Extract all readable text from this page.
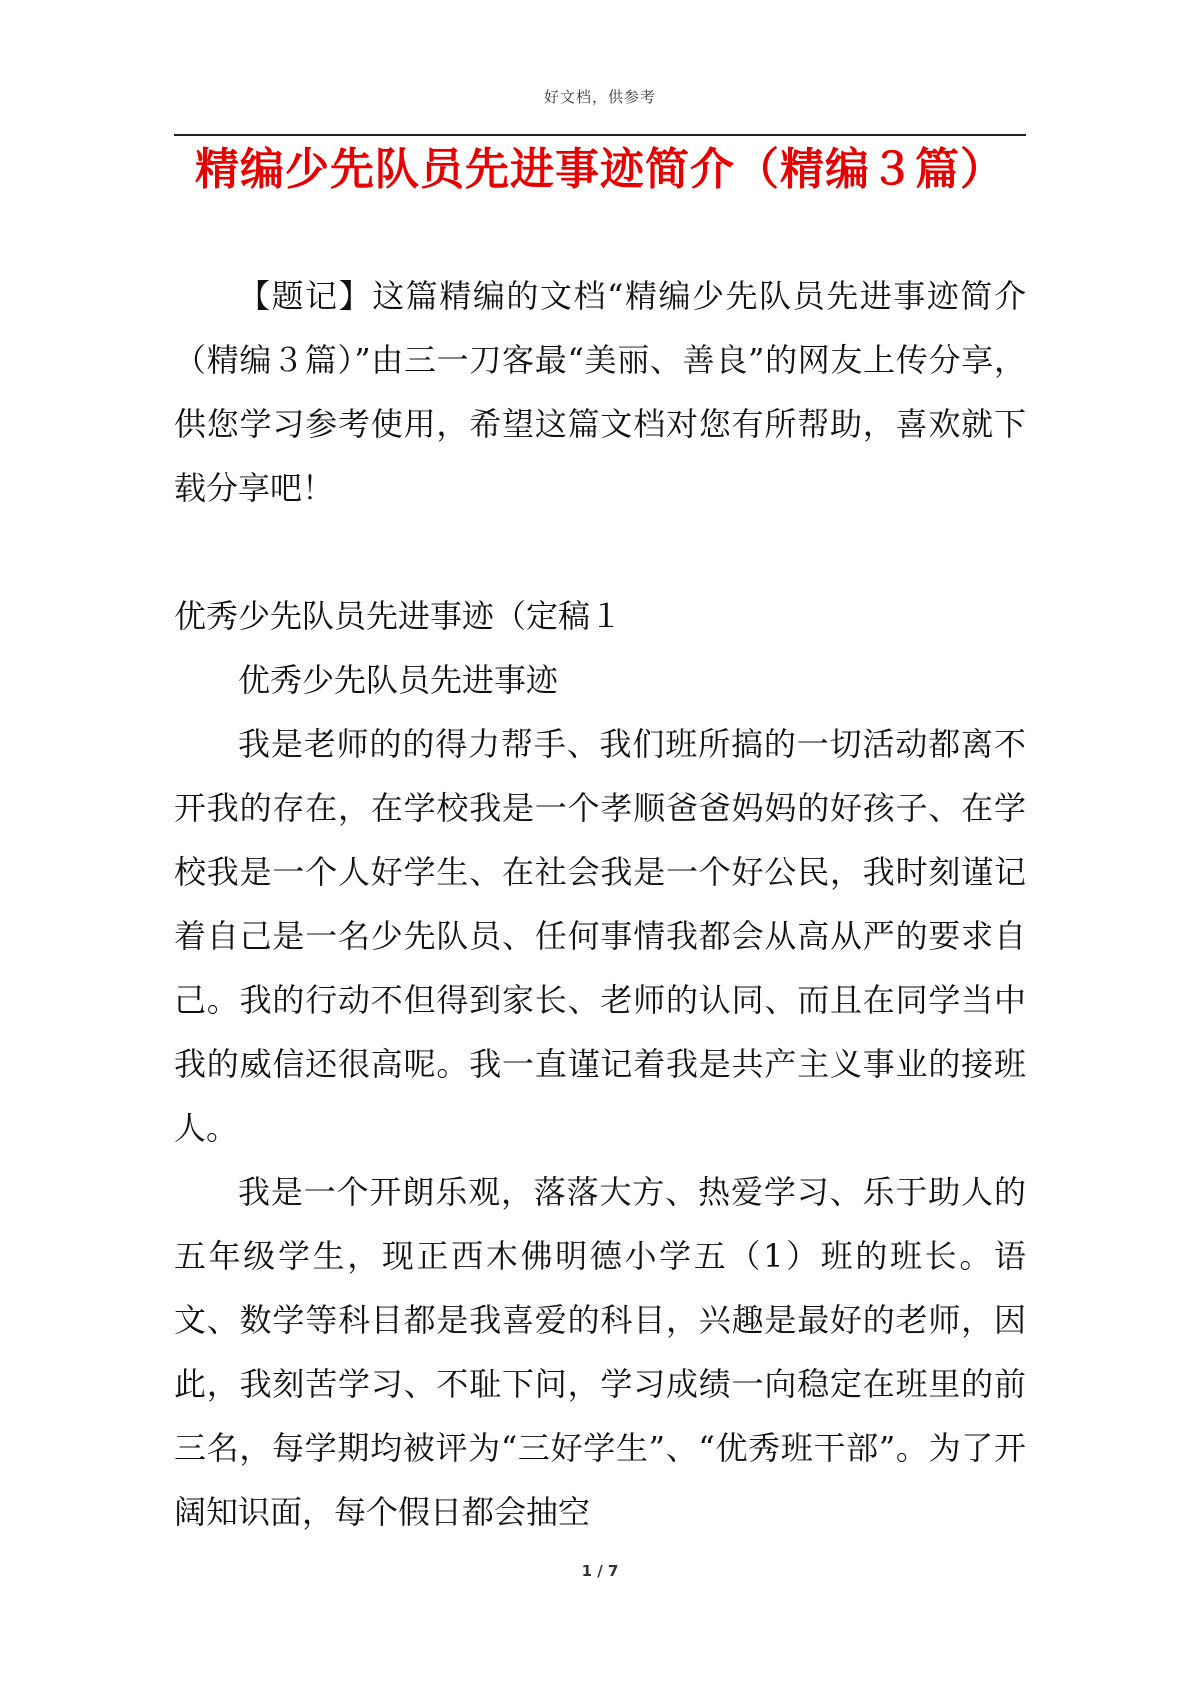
好文档，供参考
精编少先队员先进事迹简介（精编３篇）

【题记】这篇精编的文档“精编少先队员先进事迹简介（精编３篇）”由三一刀客最“美丽、善良”的网友上传分享，供您学习参考使用，希望这篇文档对您有所帮助，喜欢就下载分享吧！

优秀少先队员先进事迹（定稿１

优秀少先队员先进事迹

我是老师的的得力帮手、我们班所搞的一切活动都离不开我的存在，在学校我是一个孝顺爸爸妈妈的好孩子、在学校我是一个人好学生、在社会我是一个好公民，我时刻谨记着自己是一名少先队员、任何事情我都会从高从严的要求自己。我的行动不但得到家长、老师的认同、而且在同学当中我的威信还很高呢。我一直谨记着我是共产主义事业的接班人。

我是一个开朗乐观，落落大方、热爱学习、乐于助人的五年级学生，现正西木佛明德小学五（1）班的班长。语文、数学等科目都是我喜爱的科目，兴趣是最好的老师，因此，我刻苦学习、不耻下问，学习成绩一向稳定在班里的前三名，每学期均被评为“三好学生”、“优秀班干部”。为了开阔知识面，每个假日都会抽空

1 / 7
